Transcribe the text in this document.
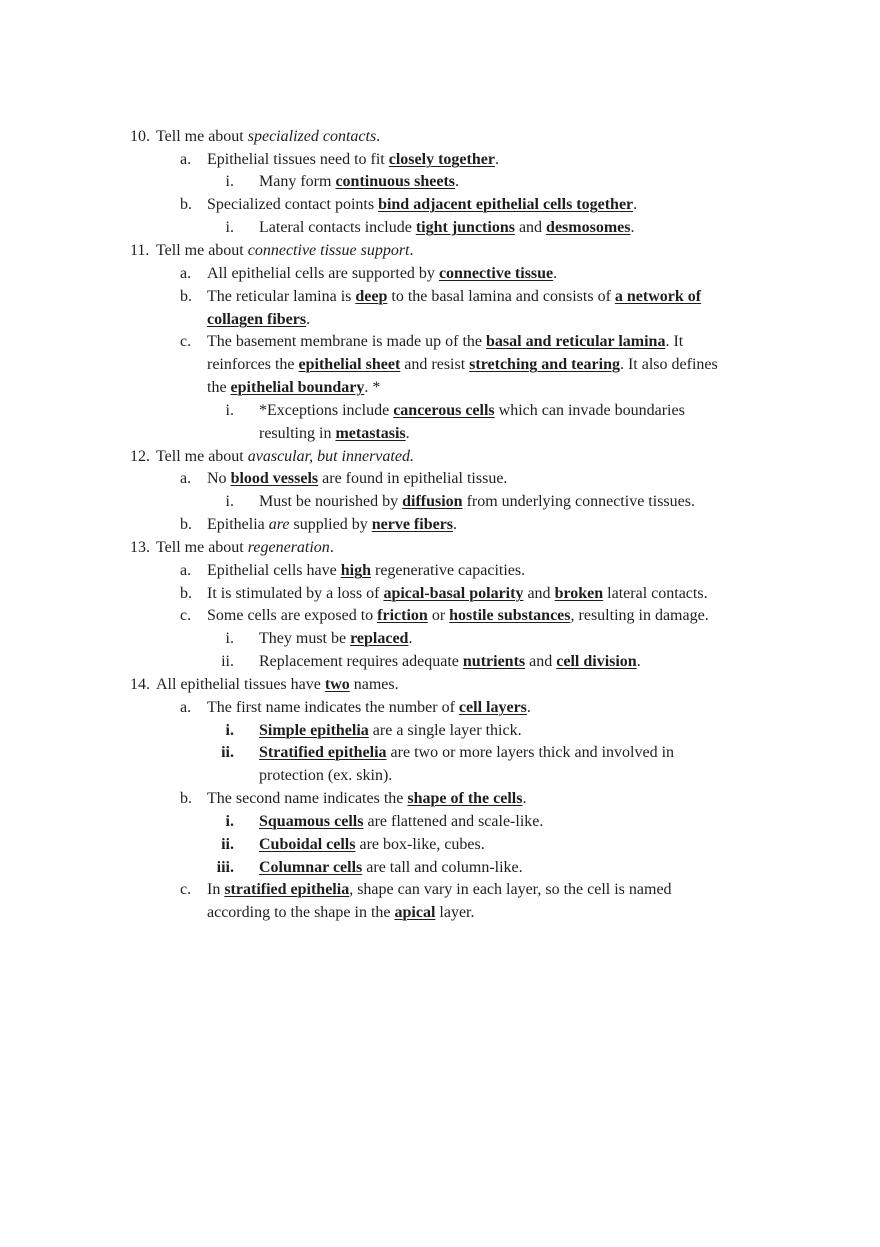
10. Tell me about specialized contacts.
a. Epithelial tissues need to fit closely together.
i. Many form continuous sheets.
b. Specialized contact points bind adjacent epithelial cells together.
i. Lateral contacts include tight junctions and desmosomes.
11. Tell me about connective tissue support.
a. All epithelial cells are supported by connective tissue.
b. The reticular lamina is deep to the basal lamina and consists of a network of
collagen fibers.
c. The basement membrane is made up of the basal and reticular lamina. It
reinforces the epithelial sheet and resist stretching and tearing. It also defines
the epithelial boundary. *
i. *Exceptions include cancerous cells which can invade boundaries
resulting in metastasis.
12. Tell me about avascular, but innervated.
a. No blood vessels are found in epithelial tissue.
i. Must be nourished by diffusion from underlying connective tissues.
b. Epithelia are supplied by nerve fibers.
13. Tell me about regeneration.
a. Epithelial cells have high regenerative capacities.
b. It is stimulated by a loss of apical-basal polarity and broken lateral contacts.
c. Some cells are exposed to friction or hostile substances, resulting in damage.
i. They must be replaced.
ii. Replacement requires adequate nutrients and cell division.
14. All epithelial tissues have two names.
a. The first name indicates the number of cell layers.
i. Simple epithelia are a single layer thick.
ii. Stratified epithelia are two or more layers thick and involved in
protection (ex. skin).
b. The second name indicates the shape of the cells.
i. Squamous cells are flattened and scale-like.
ii. Cuboidal cells are box-like, cubes.
iii. Columnar cells are tall and column-like.
c. In stratified epithelia, shape can vary in each layer, so the cell is named
according to the shape in the apical layer.
